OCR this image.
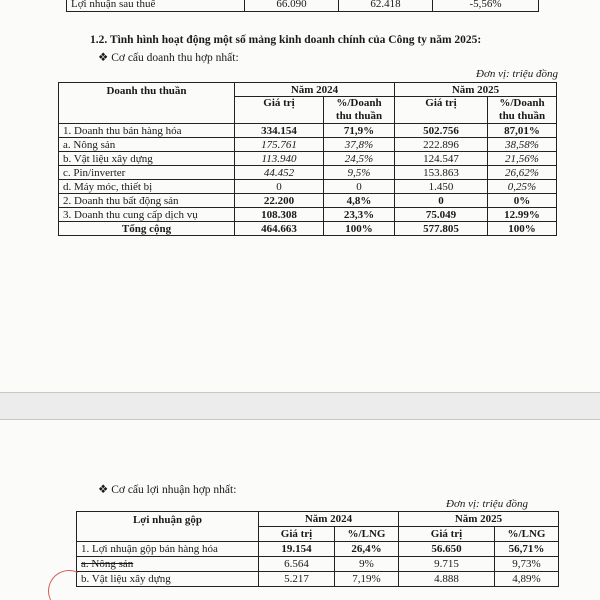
Lợi nhuận sau thuế	66.090	62.418	-5,56%
1.2. Tình hình hoạt động một số mảng kinh doanh chính của Công ty năm 2025:
❖ Cơ cấu doanh thu hợp nhất:
Đơn vị: triệu đồng
Doanh thu thuần	Năm 2024		Năm 2025	
	Giá trị	%/Doanh thu thuần	Giá trị	%/Doanh thu thuần
1. Doanh thu bán hàng hóa	334.154	71,9%	502.756	87,01%
a. Nông sản	175.761	37,8%	222.896	38,58%
b. Vật liệu xây dựng	113.940	24,5%	124.547	21,56%
c. Pin/inverter	44.452	9,5%	153.863	26,62%
d. Máy móc, thiết bị	0	0	1.450	0,25%
2. Doanh thu bất động sản	22.200	4,8%	0	0%
3. Doanh thu cung cấp dịch vụ	108.308	23,3%	75.049	12.99%
Tổng cộng	464.663	100%	577.805	100%
❖ Cơ cấu lợi nhuận hợp nhất:
Đơn vị: triệu đồng
Lợi nhuận gộp	Năm 2024		Năm 2025	
	Giá trị	%/LNG	Giá trị	%/LNG
1. Lợi nhuận gộp bán hàng hóa	19.154	26,4%	56.650	56,71%
a. Nông sản	6.564	9%	9.715	9,73%
b. Vật liệu xây dựng	5.217	7,19%	4.888	4,89%
